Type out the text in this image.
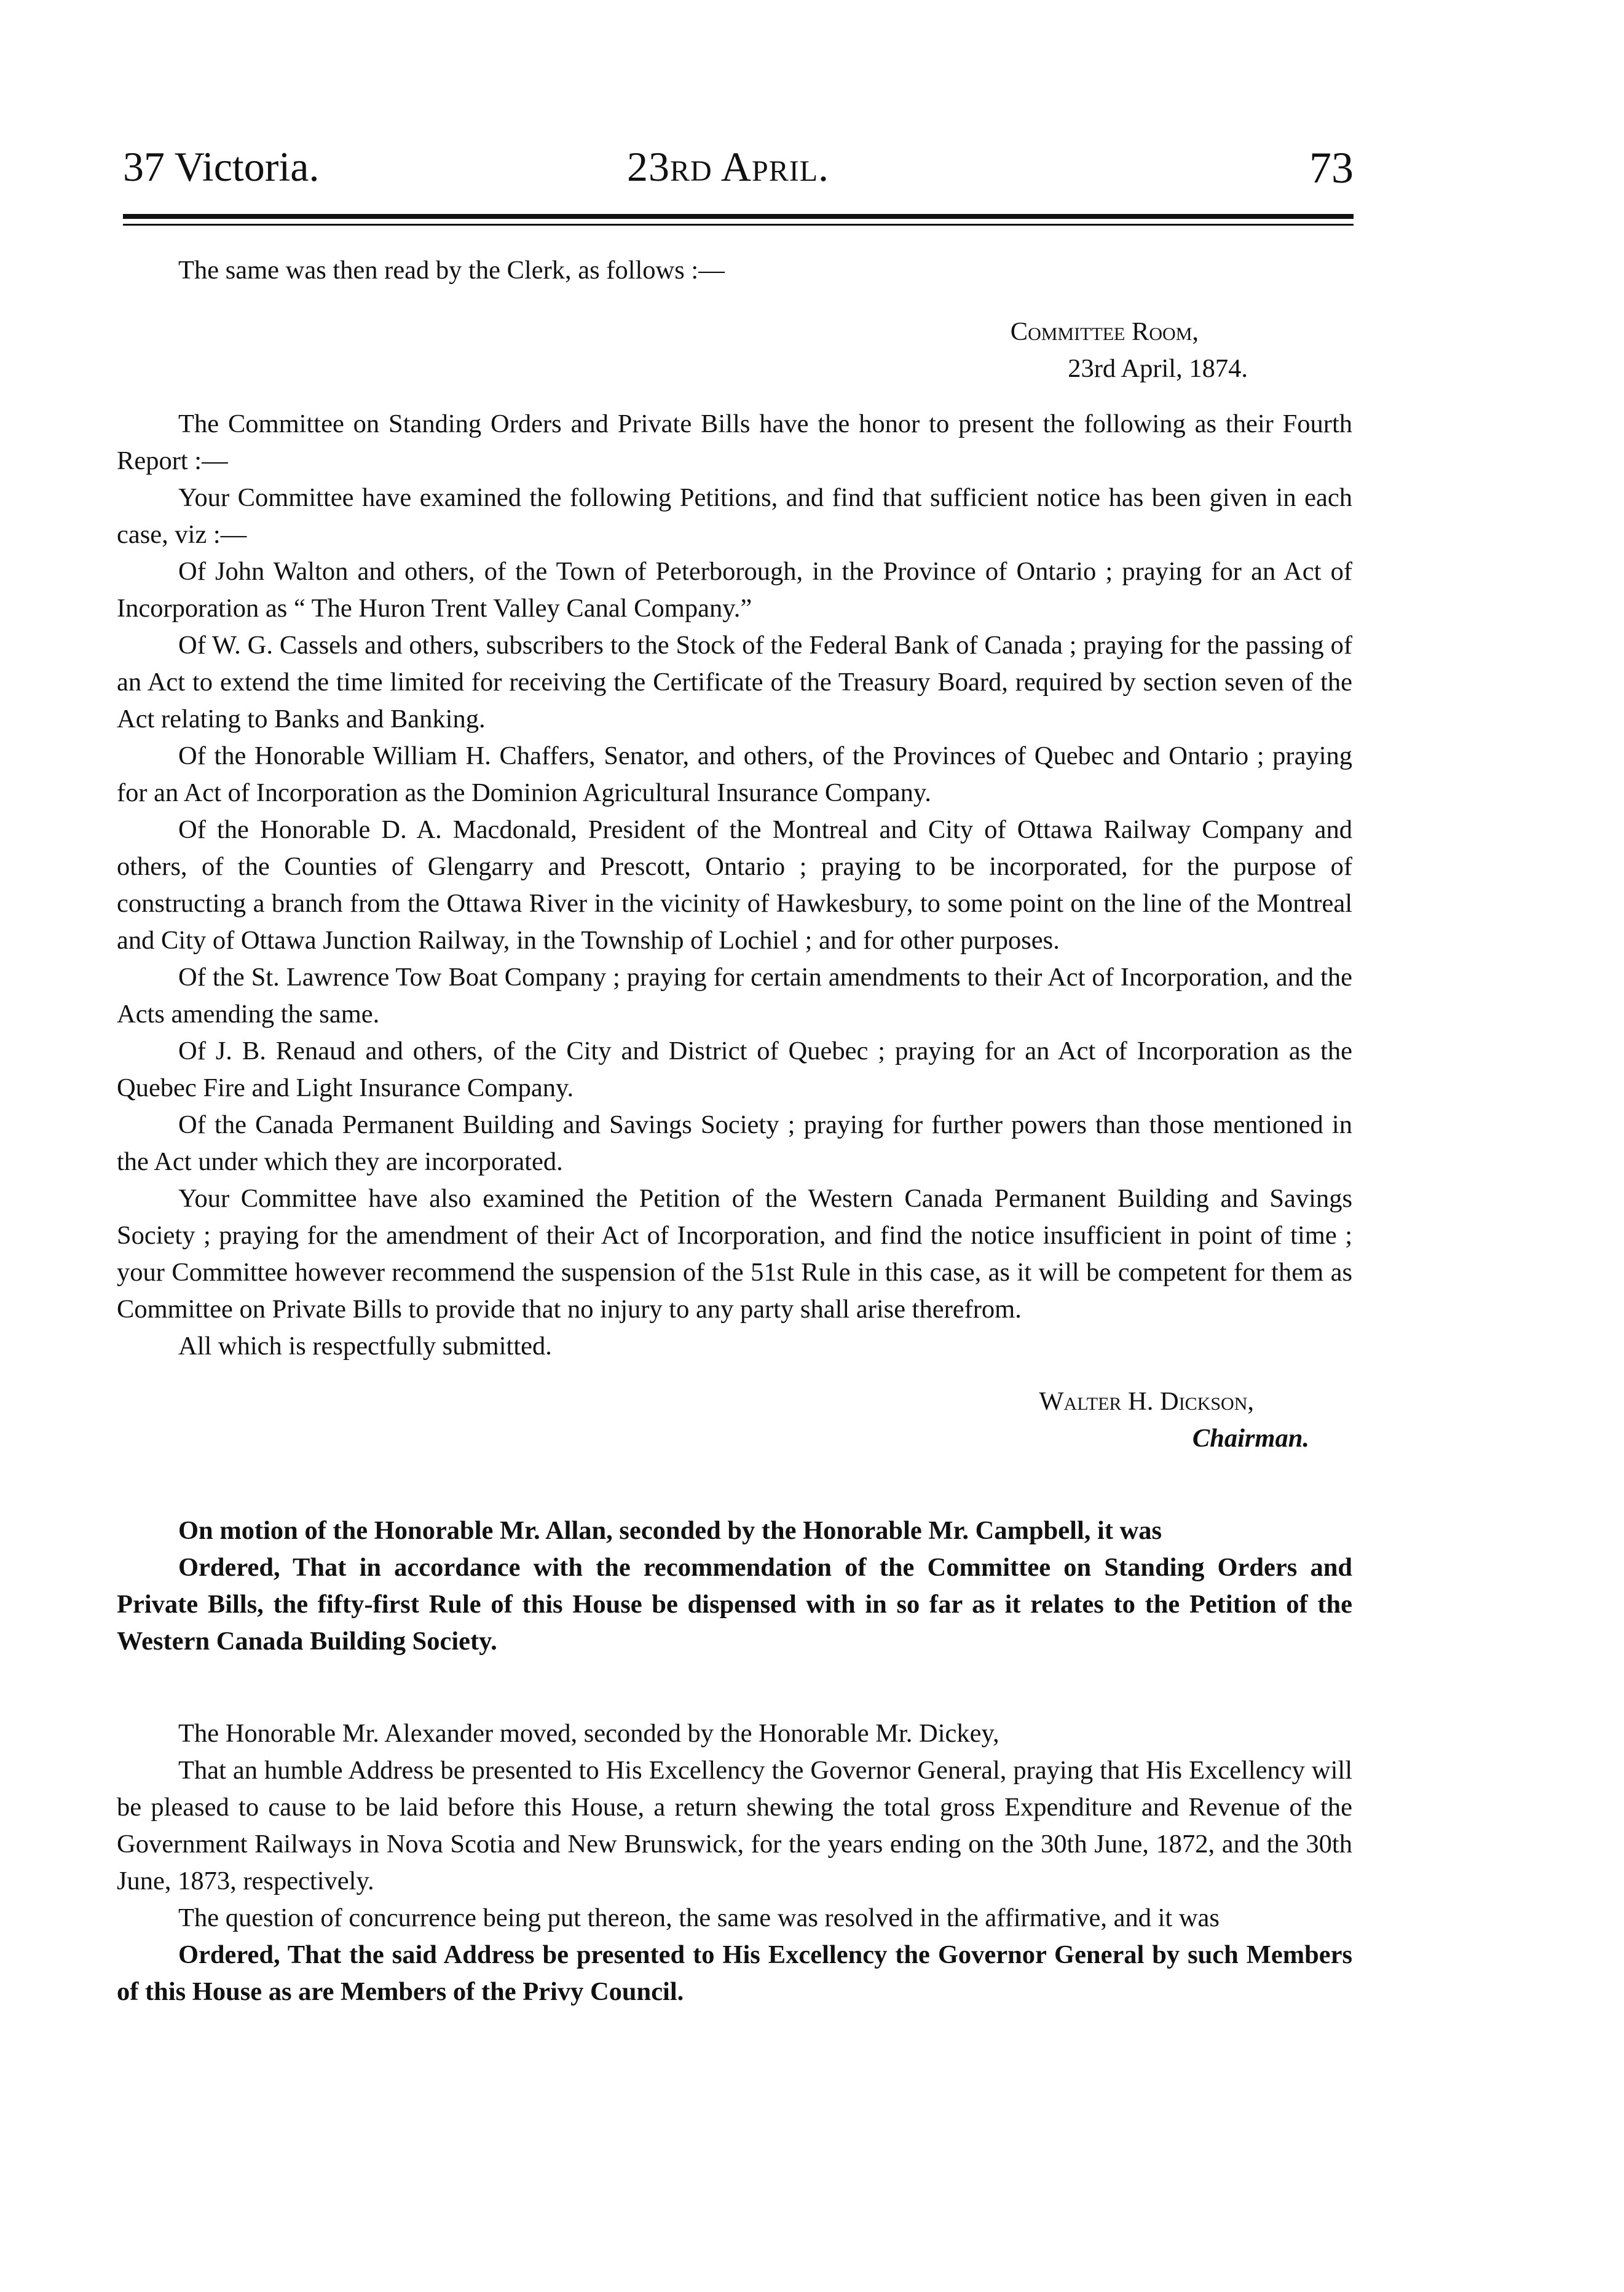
37 Victoria.	23rd April.	73

The same was then read by the Clerk, as follows :—

Committee Room,

23rd April, 1874.

The Committee on Standing Orders and Private Bills have the honor to present the following as their Fourth Report :—

Your Committee have examined the following Petitions, and find that sufficient notice has been given in each case, viz :—

Of John Walton and others, of the Town of Peterborough, in the Province of Ontario ; praying for an Act of Incorporation as “ The Huron Trent Valley Canal Company.”

Of W. G. Cassels and others, subscribers to the Stock of the Federal Bank of Canada ; praying for the passing of an Act to extend the time limited for receiving the Certificate of the Treasury Board, required by section seven of the Act relating to Banks and Banking.

Of the Honorable William H. Chaffers, Senator, and others, of the Provinces of Quebec and Ontario ; praying for an Act of Incorporation as the Dominion Agricultural Insurance Company.

Of the Honorable D. A. Macdonald, President of the Montreal and City of Ottawa Railway Company and others, of the Counties of Glengarry and Prescott, Ontario ; praying to be incorporated, for the purpose of constructing a branch from the Ottawa River in the vicinity of Hawkesbury, to some point on the line of the Montreal and City of Ottawa Junction Railway, in the Township of Lochiel ; and for other purposes.

Of the St. Lawrence Tow Boat Company ; praying for certain amendments to their Act of Incorporation, and the Acts amending the same.

Of J. B. Renaud and others, of the City and District of Quebec ; praying for an Act of Incorporation as the Quebec Fire and Light Insurance Company.

Of the Canada Permanent Building and Savings Society ; praying for further powers than those mentioned in the Act under which they are incorporated.

Your Committee have also examined the Petition of the Western Canada Permanent Building and Savings Society ; praying for the amendment of their Act of Incorporation, and find the notice insufficient in point of time ; your Committee however recommend the suspension of the 51st Rule in this case, as it will be competent for them as Committee on Private Bills to provide that no injury to any party shall arise therefrom.

All which is respectfully submitted.

Walter H. Dickson,

Chairman.

On motion of the Honorable Mr. Allan, seconded by the Honorable Mr. Campbell, it was

Ordered, That in accordance with the recommendation of the Committee on Standing Orders and Private Bills, the fifty-first Rule of this House be dispensed with in so far as it relates to the Petition of the Western Canada Building Society.

The Honorable Mr. Alexander moved, seconded by the Honorable Mr. Dickey,

That an humble Address be presented to His Excellency the Governor General, praying that His Excellency will be pleased to cause to be laid before this House, a return shewing the total gross Expenditure and Revenue of the Government Railways in Nova Scotia and New Brunswick, for the years ending on the 30th June, 1872, and the 30th June, 1873, respectively.

The question of concurrence being put thereon, the same was resolved in the affirmative, and it was

Ordered, That the said Address be presented to His Excellency the Governor General by such Members of this House as are Members of the Privy Council.
